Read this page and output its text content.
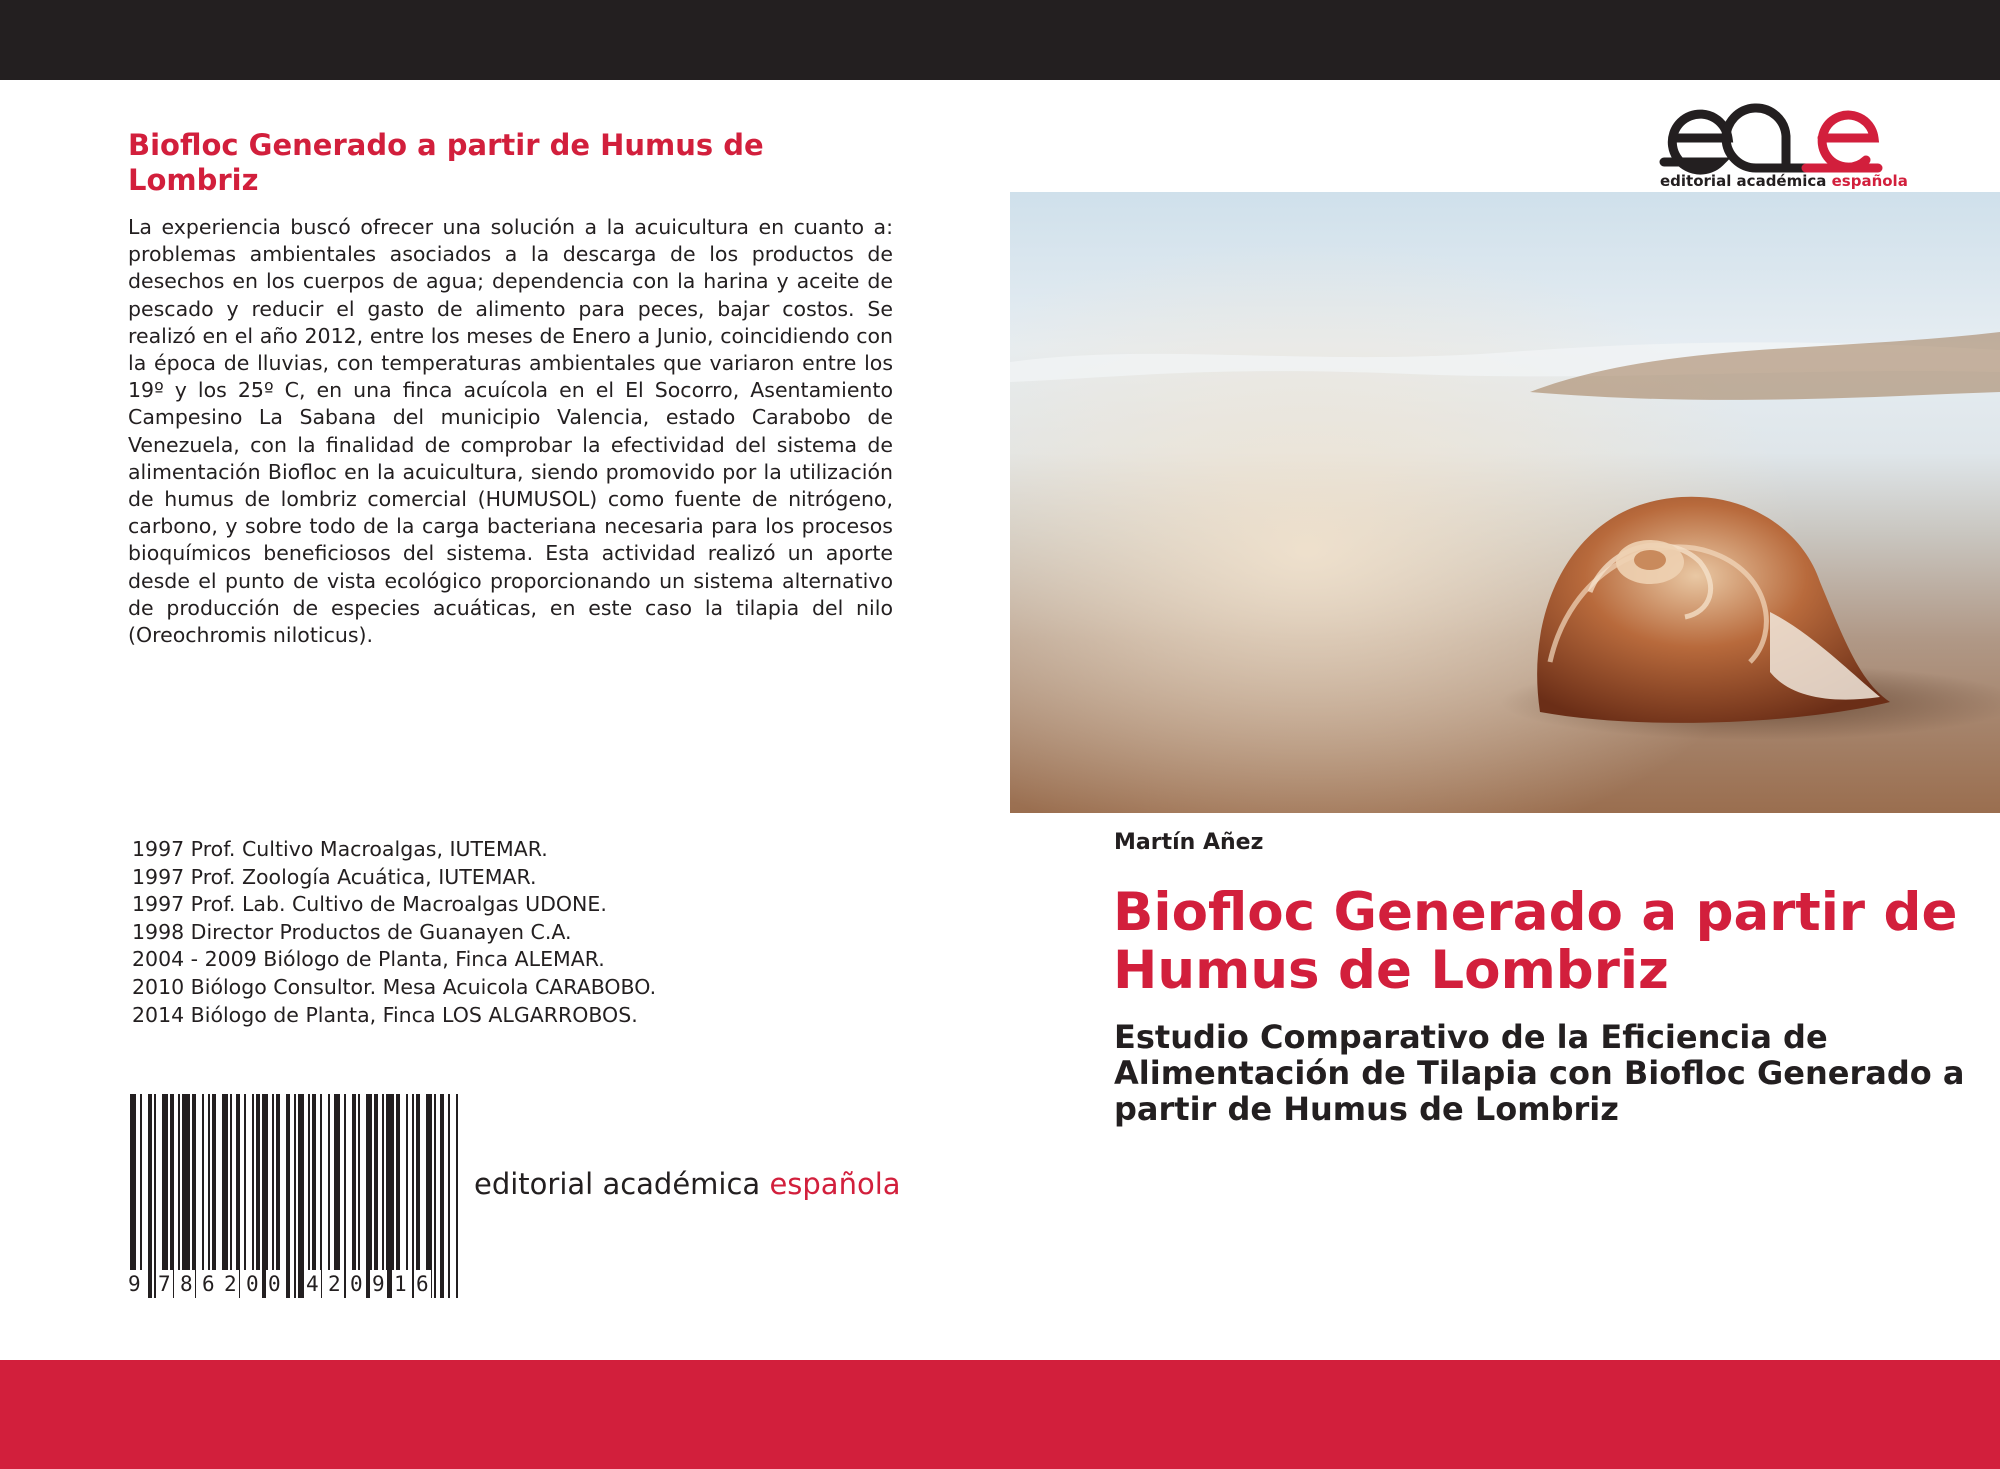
Biofloc Generado a partir de Humus de Lombriz
La experiencia buscó ofrecer una solución a la acuicultura en cuanto a: problemas ambientales asociados a la descarga de los productos de desechos en los cuerpos de agua; dependencia con la harina y aceite de pescado y reducir el gasto de alimento para peces, bajar costos. Se realizó en el año 2012, entre los meses de Enero a Junio, coincidiendo con la época de lluvias, con temperaturas ambientales que variaron entre los 19º y los 25º C, en una finca acuícola en el El Socorro, Asentamiento Campesino La Sabana del municipio Valencia, estado Carabobo de Venezuela, con la finalidad de comprobar la efectividad del sistema de alimentación Biofloc en la acuicultura, siendo promovido por la utilización de humus de lombriz comercial (HUMUSOL) como fuente de nitrógeno, carbono, y sobre todo de la carga bacteriana necesaria para los procesos bioquímicos beneficiosos del sistema. Esta actividad realizó un aporte desde el punto de vista ecológico proporcionando un sistema alternativo de producción de especies acuáticas, en este caso la tilapia del nilo (Oreochromis niloticus).
1997 Prof. Cultivo Macroalgas, IUTEMAR.
1997 Prof. Zoología Acuática, IUTEMAR.
1997 Prof. Lab. Cultivo de Macroalgas UDONE.
1998 Director Productos de Guanayen C.A.
2004 - 2009 Biólogo de Planta, Finca ALEMAR.
2010 Biólogo Consultor. Mesa Acuicola CARABOBO.
2014 Biólogo de Planta, Finca LOS ALGARROBOS.
9 7 8 6 2 0 0 4 2 0 9 1 6
editorial académica española
editorial académica española
Martín Añez
Biofloc Generado a partir de Humus de Lombriz
Estudio Comparativo de la Eficiencia de Alimentación de Tilapia con Biofloc Generado a partir de Humus de Lombriz
